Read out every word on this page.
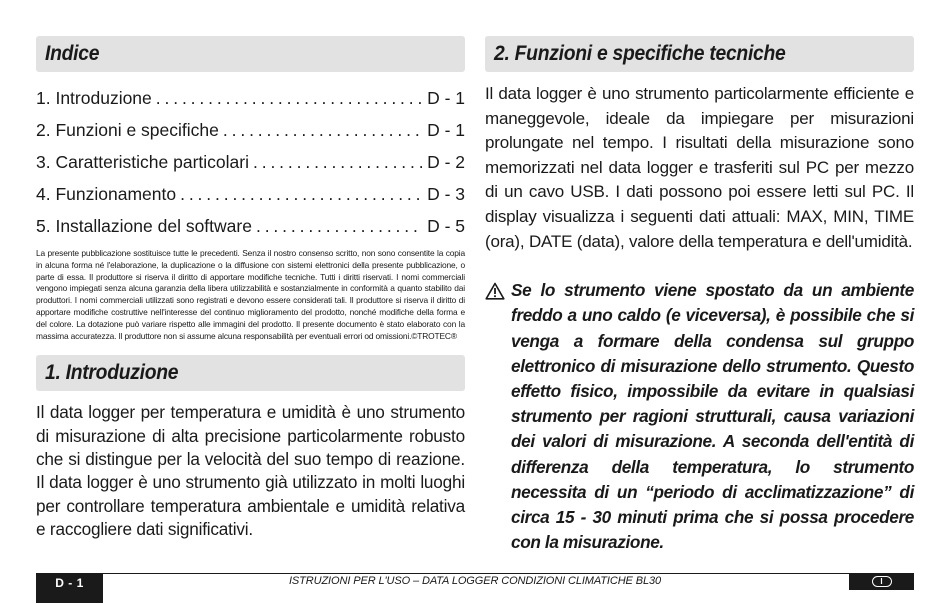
Indice
1. Introduzione . . .	D - 1
2. Funzioni e specifiche . . .	D - 1
3. Caratteristiche particolari . . .	D - 2
4. Funzionamento . . .	D - 3
5. Installazione del software . . .	D - 5
La presente pubblicazione sostituisce tutte le precedenti. Senza il nostro consenso scritto, non sono consentite la copia in alcuna forma né l'elaborazione, la duplicazione o la diffusione con sistemi elettronici della presente pubblicazione, o parte di essa. Il produttore si riserva il diritto di apportare modifiche tecniche. Tutti i diritti riservati. I nomi commerciali vengono impiegati senza alcuna garanzia della libera utilizzabilità e sostanzialmente in conformità a quanto stabilito dai produttori. I nomi commerciali utilizzati sono registrati e devono essere considerati tali. Il produttore si riserva il diritto di apportare modifiche costruttive nell'interesse del continuo miglioramento del prodotto, nonché modifiche della forma e del colore. La dotazione può variare rispetto alle immagini del prodotto. Il presente documento è stato elaborato con la massima accuratezza. Il produttore non si assume alcuna responsabilità per eventuali errori od omissioni.©TROTEC®
1. Introduzione
Il data logger per temperatura e umidità è uno strumento di misurazione di alta precisione particolarmente robusto che si distingue per la velocità del suo tempo di reazione. Il data logger è uno strumento già utilizzato in molti luoghi per controllare temperatura ambientale e umidità relativa e raccogliere dati significativi.
2. Funzioni e specifiche tecniche
Il data logger è uno strumento particolarmente efficiente e maneggevole, ideale da impiegare per misurazioni prolungate nel tempo. I risultati della misurazione sono memorizzati nel data logger e trasferiti sul PC per mezzo di un cavo USB. I dati possono poi essere letti sul PC. Il display visualizza i seguenti dati attuali: MAX, MIN, TIME (ora), DATE (data), valore della temperatura e dell'umidità.
Se lo strumento viene spostato da un ambiente freddo a uno caldo (e viceversa), è possibile che si venga a formare della condensa sul gruppo elettronico di misurazione dello strumento. Questo effetto fisico, impossibile da evitare in qualsiasi strumento per ragioni strutturali, causa variazioni dei valori di misurazione. A seconda dell'entità di differenza della temperatura, lo strumento necessita di un “periodo di acclimatizzazione” di circa 15 - 30 minuti prima che si possa procedere con la misurazione.
D - 1	ISTRUZIONI PER L'USO – DATA LOGGER CONDIZIONI CLIMATICHE BL30	I
